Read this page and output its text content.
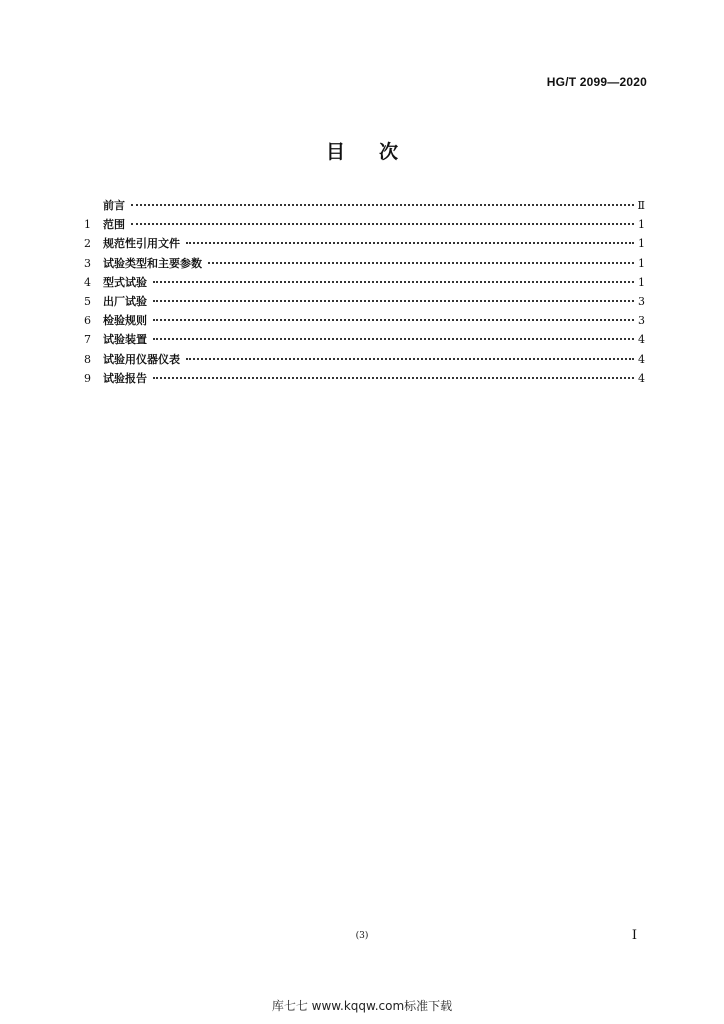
HG/T 2099—2020
目次
前言	Ⅱ
1	范围	1
2	规范性引用文件	1
3	试验类型和主要参数	1
4	型式试验	1
5	出厂试验	3
6	检验规则	3
7	试验装置	4
8	试验用仪器仪表	4
9	试验报告	4
(3)	I
库七七 www.kqqw.com标准下载
